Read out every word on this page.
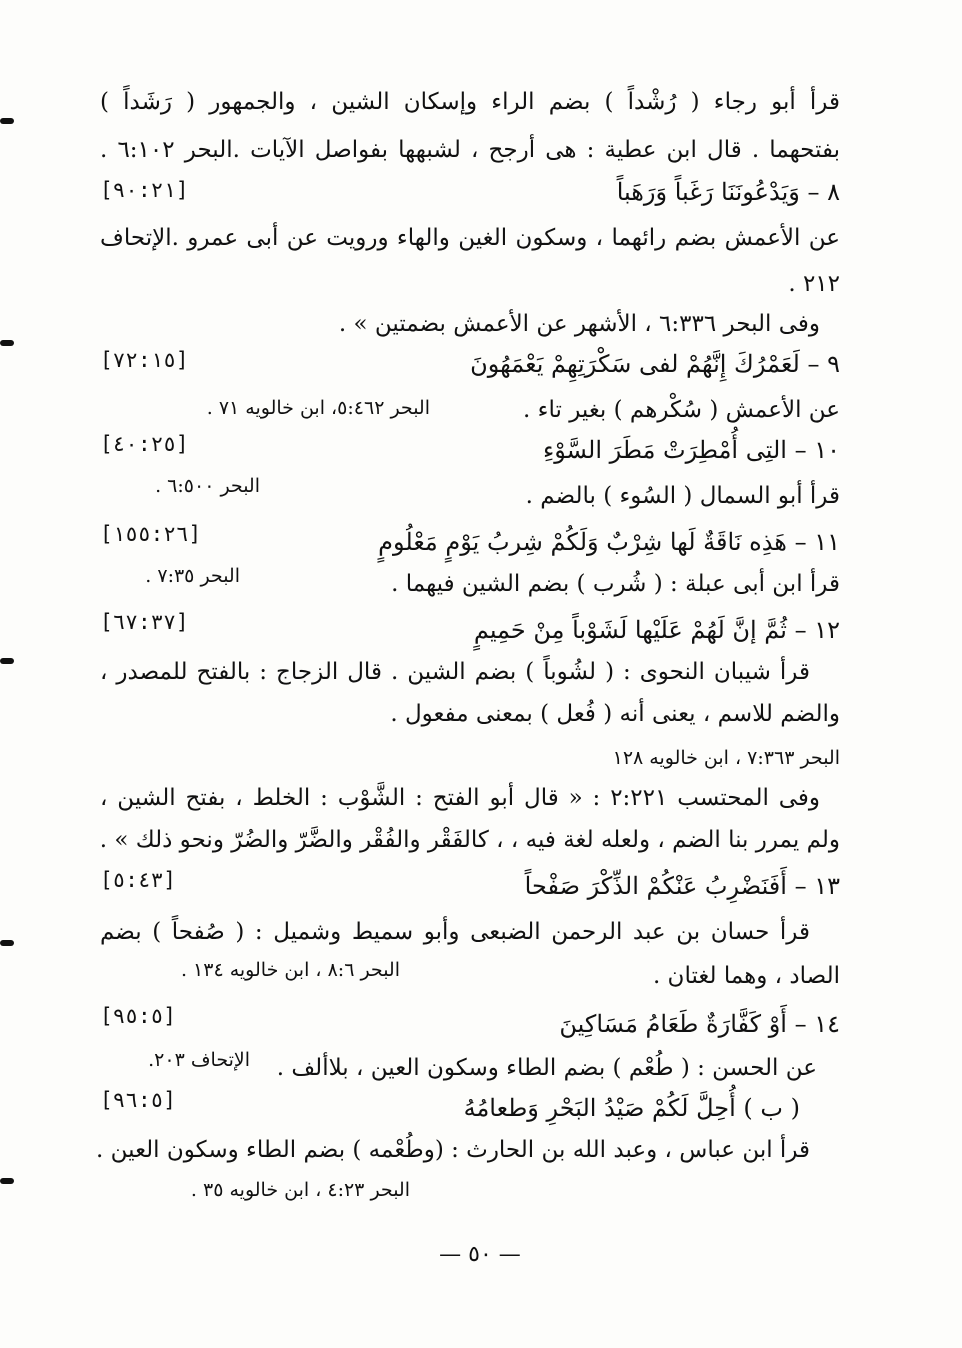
قرأ أبو رجاء ( رُشْداً ) بضم الراء وإسكان الشين ، والجمهور ( رَشَداً )
بفتحهما . قال ابن عطية : هى أرجح ، لشبهها بفواصل الآيات .البحر ٦:١٠٢ .
٨ – وَيَدْعُونَنَا رَغَباً وَرَهَباً
[٩٠:٢١]
عن الأعمش بضم رائهما ، وسكون الغين والهاء ورويت عن أبى عمرو .الإتحاف
٢١٢ .
وفى البحر ٦:٣٣٦ ، الأشهر عن الأعمش بضمتين » .
٩ – لَعَمْرُكَ إِنَّهُمْ لفى سَكْرَتِهِمْ يَعْمَهُونَ
[٧٢:١٥]
عن الأعمش ( سُكْرهم ) بغير تاء .
البحر ٥:٤٦٢، ابن خالويه ٧١ .
١٠ – التِى أُمْطِرَتْ مَطَرَ السَّوْءِ
[٤٠:٢٥]
قرأ أبو السمال ( السُوء ) بالضم .
البحر ٦:٥٠٠ .
١١ – هَذِه نَاقَةٌ لَها شِرْبٌ وَلَكُمْ شِربُ يَوْمٍ مَعْلُومٍ
[١٥٥:٢٦]
قرأ ابن أبى عبلة : ( شُرب ) بضم الشين فيهما .
البحر ٧:٣٥ .
١٢ – ثُمَّ إنَّ لَهُمْ عَلَيْها لَشَوْباً مِنْ حَمِيمٍ
[٦٧:٣٧]
قرأ شيبان النحوى : ( لشُوباً ) بضم الشين . قال الزجاج : بالفتح للمصدر ،
والضم للاسم ، يعنى أنه ( فُعل ) بمعنى مفعول .
البحر ٧:٣٦٣ ، ابن خالويه ١٢٨
وفى المحتسب ٢:٢٢١ : « قال أبو الفتح : الشَّوْب : الخلط ، بفتح الشين ،
ولم يمرر بنا الضم ، ولعله لغة فيه ، ، كالفَقْر والفُقْر والضَّرّ والضُرّ ونحو ذلك » .
١٣ – أَفَنَضْرِبُ عَنْكُمْ الذِّكْرَ صَفْحاً
[٥:٤٣]
قرأ حسان بن عبد الرحمن الضبعى وأبو سميط وشميل : ( صُفحاً ) بضم
الصاد ، وهما لغتان .
البحر ٨:٦ ، ابن خالويه ١٣٤ .
١٤ – أَوْ كَفَّارَةٌ طَعَامُ مَسَاكِينَ
[٩٥:٥]
عن الحسن : ( طُعْم ) بضم الطاء وسكون العين ، بلاألف .
الإتحاف ٢٠٣.
( ب ) أُحِلَّ لَكُمْ صَيْدُ البَحْرِ وَطعامُهُ
[٩٦:٥]
قرأ ابن عباس ، وعبد الله بن الحارث : (وطُعْمه ) بضم الطاء وسكون العين .
البحر ٤:٢٣ ، ابن خالويه ٣٥ .
— ٥٠ —
